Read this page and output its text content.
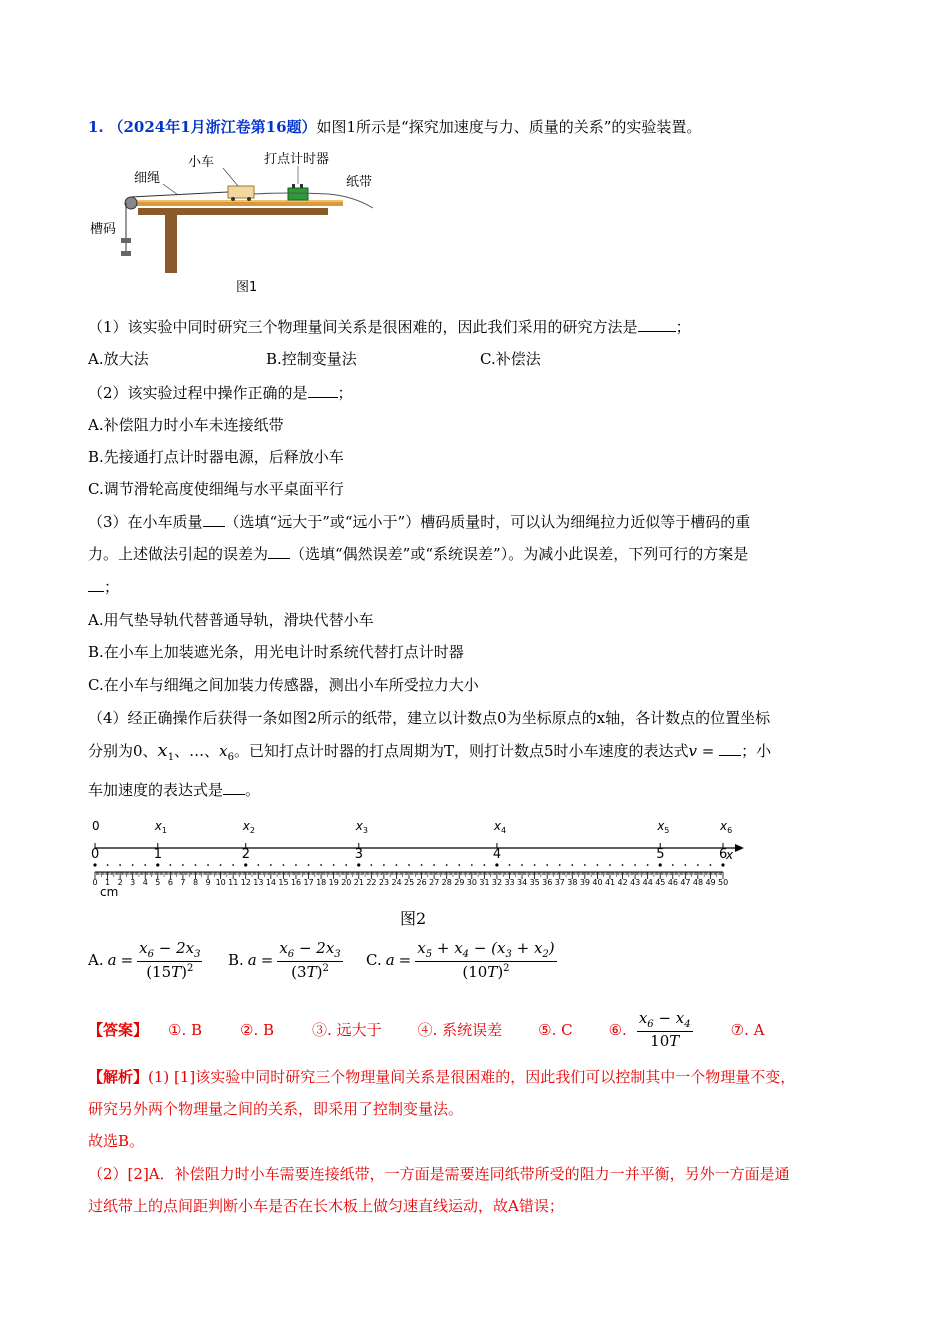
1. （2024年1月浙江卷第16题）如图1所示是“探究加速度与力、质量的关系”的实验装置。
小车	打点计时器
细绳	纸带
槽码
图1
（1）该实验中同时研究三个物理量间关系是很困难的，因此我们采用的研究方法是	；
A.放大法	B.控制变量法	C.补偿法
（2）该实验过程中操作正确的是 ；
A.补偿阻力时小车未连接纸带
B.先接通打点计时器电源，后释放小车
C.调节滑轮高度使细绳与水平桌面平行
（3）在小车质量 （选填“远大于”或“远小于”）槽码质量时，可以认为细绳拉力近似等于槽码的重
力。上述做法引起的误差为 （选填“偶然误差”或“系统误差”）。为减小此误差，下列可行的方案是
；
A.用气垫导轨代替普通导轨，滑块代替小车
B.在小车上加装遮光条，用光电计时系统代替打点计时器
C.在小车与细绳之间加装力传感器，测出小车所受拉力大小
（4）经正确操作后获得一条如图2所示的纸带，建立以计数点0为坐标原点的x轴，各计数点的位置坐标
分别为0、$x_1$、…、$x_6$。已知打点计时器的打点周期为T，则打计数点5时小车速度的表达式v = ；小
车加速度的表达式是 。
0	$x_1$	$x_2$	$x_3$	$x_4$	$x_5$	$x_6$
x
0	1	2	3	4	5	6
0 1 2 3 4 5 6 7 8 9 10 11 12 13 14 15 16 17 18 19 20 21 22 23 24 25 26 27 28 29 30 31 32 33 34 35 36 37 38 39 40 41 42 43 44 45 46 47 48 49 50
cm
图2
A. $a = \frac{x_6 - 2x_3}{(15T)^2} B$. $a = \frac{x_6 - 2x_3}{(3T)^2} C$. $a = \frac{x_5 + x_4 - (x_3 + x_2)}{(10T)^2}$
【答案】 ①. B	②. B	③. 远大于 ④. 系统误差 ⑤. C ⑥. $\frac{x_6 - x_4}{10T}$	⑦. A
【解析】(1) [1]该实验中同时研究三个物理量间关系是很困难的，因此我们可以控制其中一个物理量不变，
研究另外两个物理量之间的关系，即采用了控制变量法。
故选B。
（2）[2]A．补偿阻力时小车需要连接纸带，一方面是需要连同纸带所受的阻力一并平衡，另外一方面是通
过纸带上的点间距判断小车是否在长木板上做匀速直线运动，故A错误；
